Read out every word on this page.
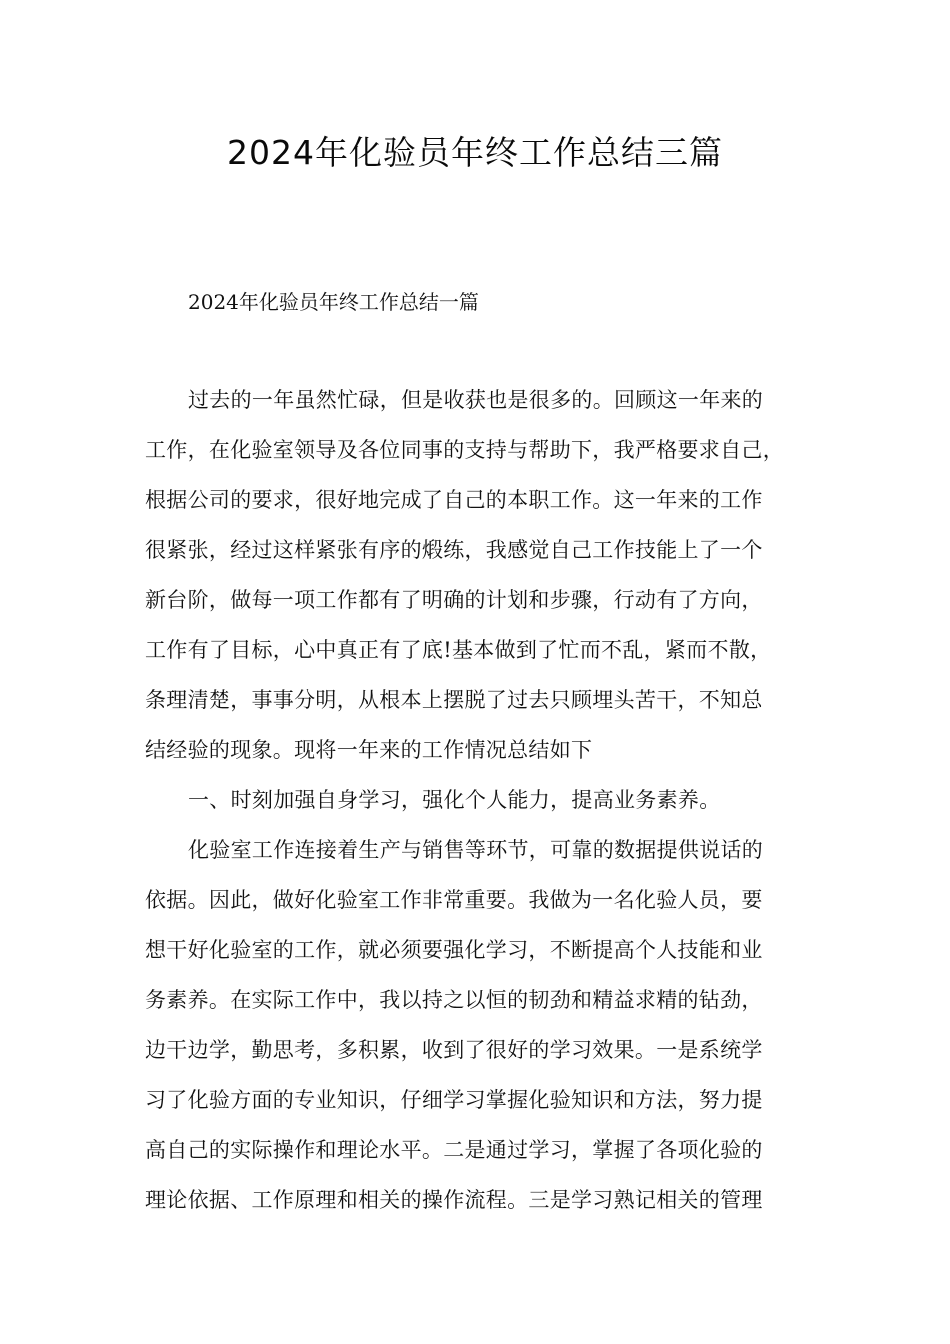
2024年化验员年终工作总结三篇

2024年化验员年终工作总结一篇

过去的一年虽然忙碌，但是收获也是很多的。回顾这一年来的

工作，在化验室领导及各位同事的支持与帮助下，我严格要求自己，

根据公司的要求，很好地完成了自己的本职工作。这一年来的工作

很紧张，经过这样紧张有序的煅练，我感觉自己工作技能上了一个

新台阶，做每一项工作都有了明确的计划和步骤，行动有了方向，

工作有了目标，心中真正有了底!基本做到了忙而不乱，紧而不散，

条理清楚，事事分明，从根本上摆脱了过去只顾埋头苦干，不知总

结经验的现象。现将一年来的工作情况总结如下

一、时刻加强自身学习，强化个人能力，提高业务素养。

化验室工作连接着生产与销售等环节，可靠的数据提供说话的

依据。因此，做好化验室工作非常重要。我做为一名化验人员，要

想干好化验室的工作，就必须要强化学习，不断提高个人技能和业

务素养。在实际工作中，我以持之以恒的韧劲和精益求精的钻劲，

边干边学，勤思考，多积累，收到了很好的学习效果。一是系统学

习了化验方面的专业知识，仔细学习掌握化验知识和方法，努力提

高自己的实际操作和理论水平。二是通过学习，掌握了各项化验的

理论依据、工作原理和相关的操作流程。三是学习熟记相关的管理
